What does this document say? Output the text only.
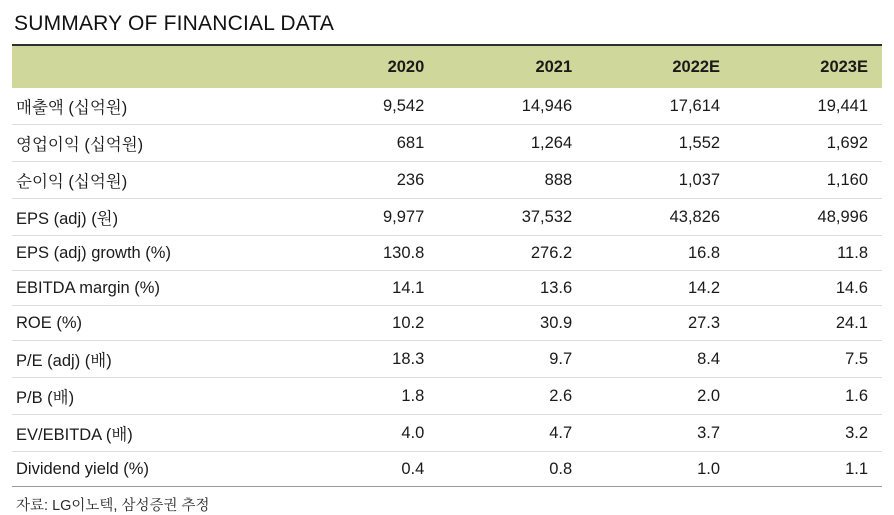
SUMMARY OF FINANCIAL DATA
	2020	2021	2022E	2023E
매출액 (십억원)	9,542	14,946	17,614	19,441
영업이익 (십억원)	681	1,264	1,552	1,692
순이익 (십억원)	236	888	1,037	1,160
EPS (adj) (원)	9,977	37,532	43,826	48,996
EPS (adj) growth (%)	130.8	276.2	16.8	11.8
EBITDA margin (%)	14.1	13.6	14.2	14.6
ROE (%)	10.2	30.9	27.3	24.1
P/E (adj) (배)	18.3	9.7	8.4	7.5
P/B (배)	1.8	2.6	2.0	1.6
EV/EBITDA (배)	4.0	4.7	3.7	3.2
Dividend yield (%)	0.4	0.8	1.0	1.1
자료: LG이노텍, 삼성증권 추정
